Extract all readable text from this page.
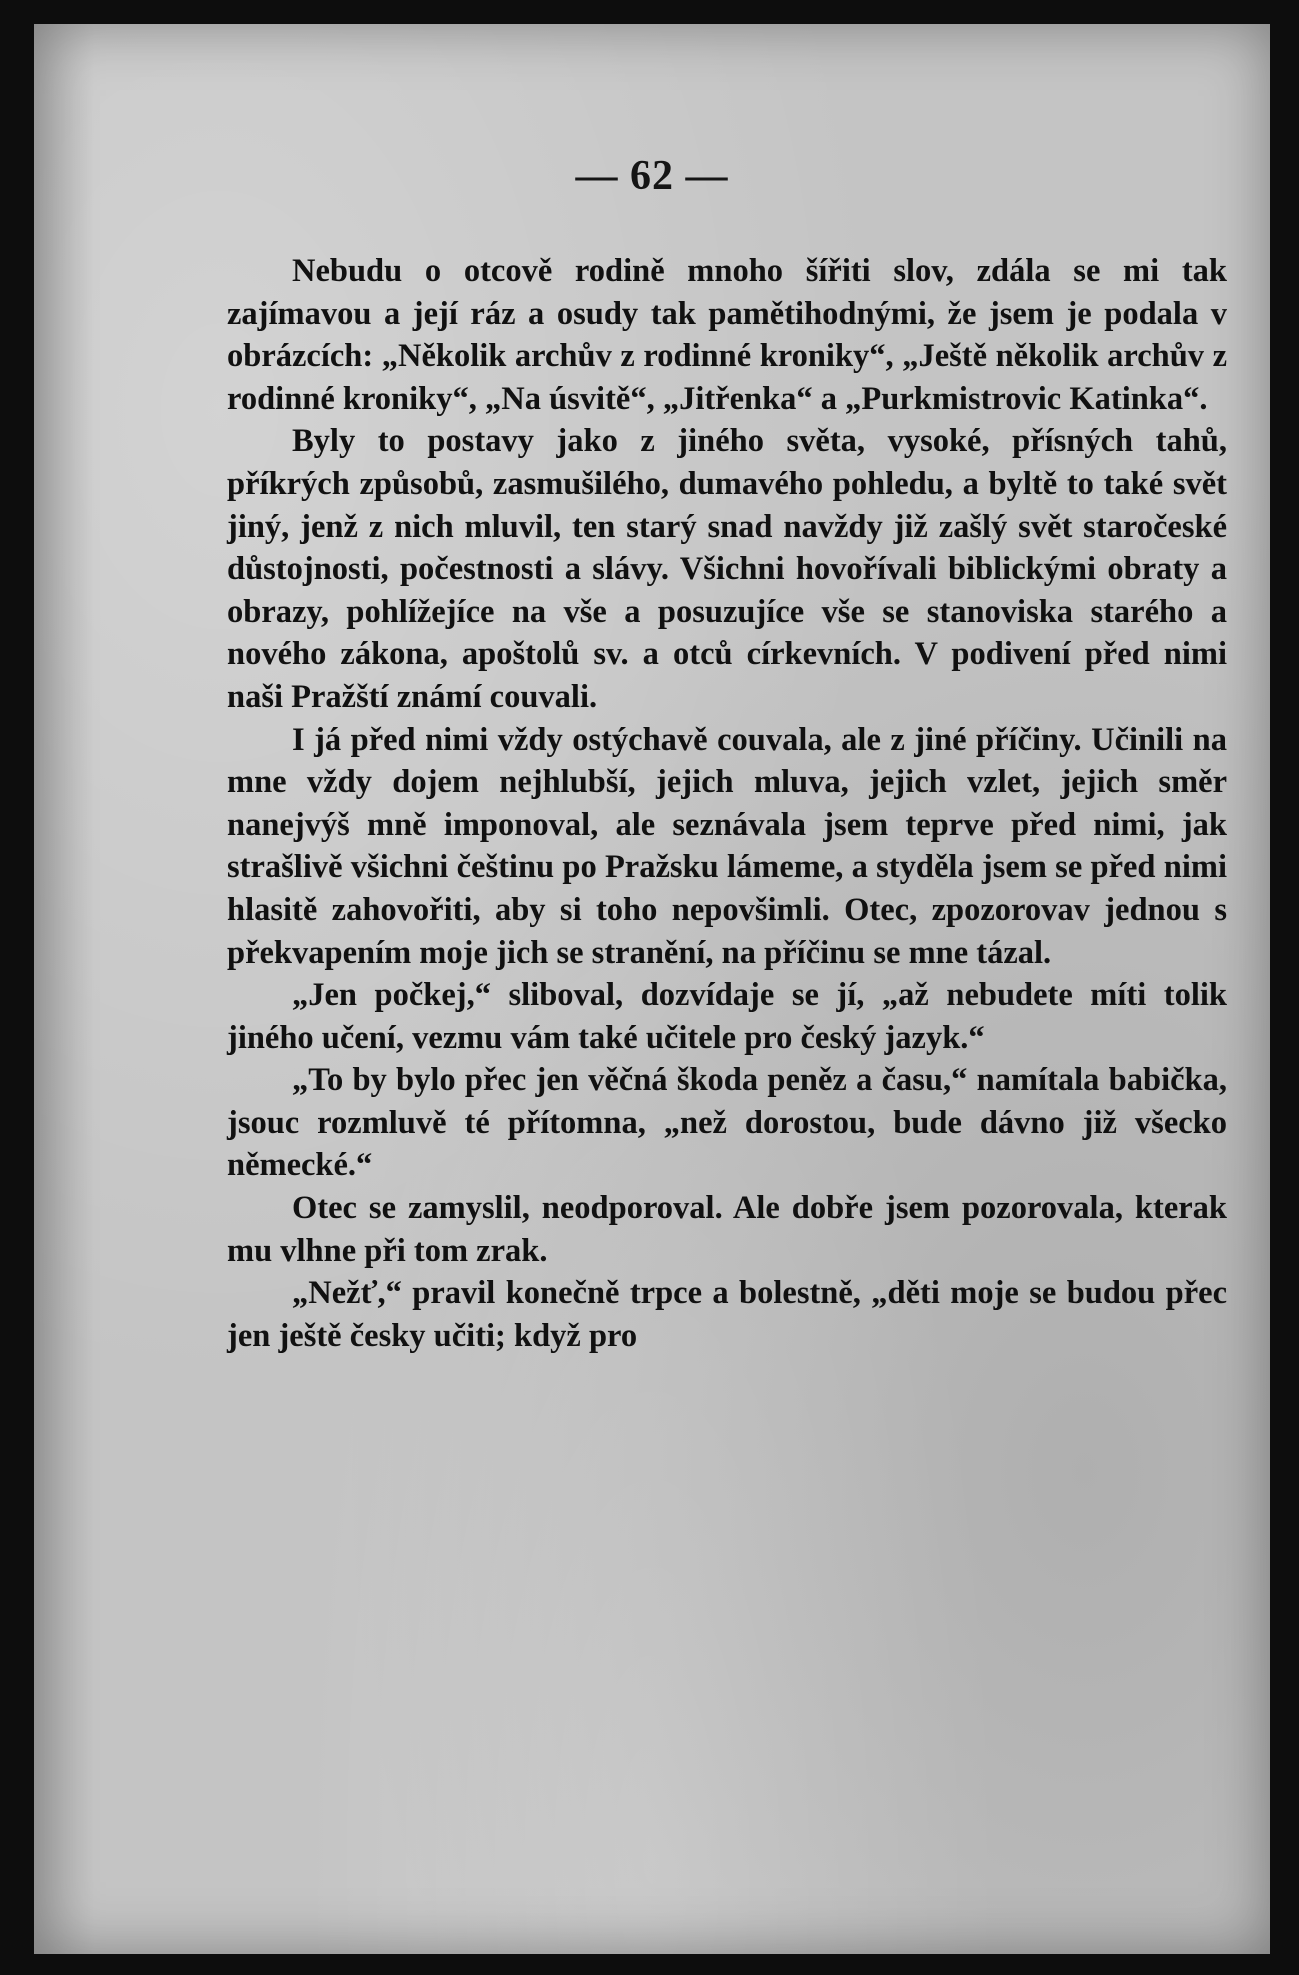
— 62 —

Nebudu o otcově rodině mnoho šířiti slov, zdála se mi tak zajímavou a její ráz a osudy tak pamětihodnými, že jsem je podala v obrázcích: „Několik archův z rodinné kroniky“, „Ještě několik archův z rodinné kroniky“, „Na úsvitě“, „Jitřenka“ a „Purkmistrovic Katinka“.

Byly to postavy jako z jiného světa, vysoké, přísných tahů, příkrých způsobů, zasmušilého, dumavého pohledu, a byltě to také svět jiný, jenž z nich mluvil, ten starý snad navždy již zašlý svět staročeské důstojnosti, počestnosti a slávy. Všichni hovořívali biblickými obraty a obrazy, pohlížejíce na vše a posuzujíce vše se stanoviska starého a nového zákona, apoštolů sv. a otců církevních. V podivení před nimi naši Pražští známí couvali.

I já před nimi vždy ostýchavě couvala, ale z jiné příčiny. Učinili na mne vždy dojem nejhlubší, jejich mluva, jejich vzlet, jejich směr nanejvýš mně imponoval, ale seznávala jsem teprve před nimi, jak strašlivě všichni češtinu po Pražsku lámeme, a styděla jsem se před nimi hlasitě zahovořiti, aby si toho nepovšimli. Otec, zpozorovav jednou s překvapením moje jich se stranění, na příčinu se mne tázal.

„Jen počkej,“ sliboval, dozvídaje se jí, „až nebudete míti tolik jiného učení, vezmu vám také učitele pro český jazyk.“

„To by bylo přec jen věčná škoda peněz a času,“ namítala babička, jsouc rozmluvě té přítomna, „než dorostou, bude dávno již všecko německé.“

Otec se zamyslil, neodporoval. Ale dobře jsem pozorovala, kterak mu vlhne při tom zrak.

„Nežť,“ pravil konečně trpce a bolestně, „děti moje se budou přec jen ještě česky učiti; když pro
